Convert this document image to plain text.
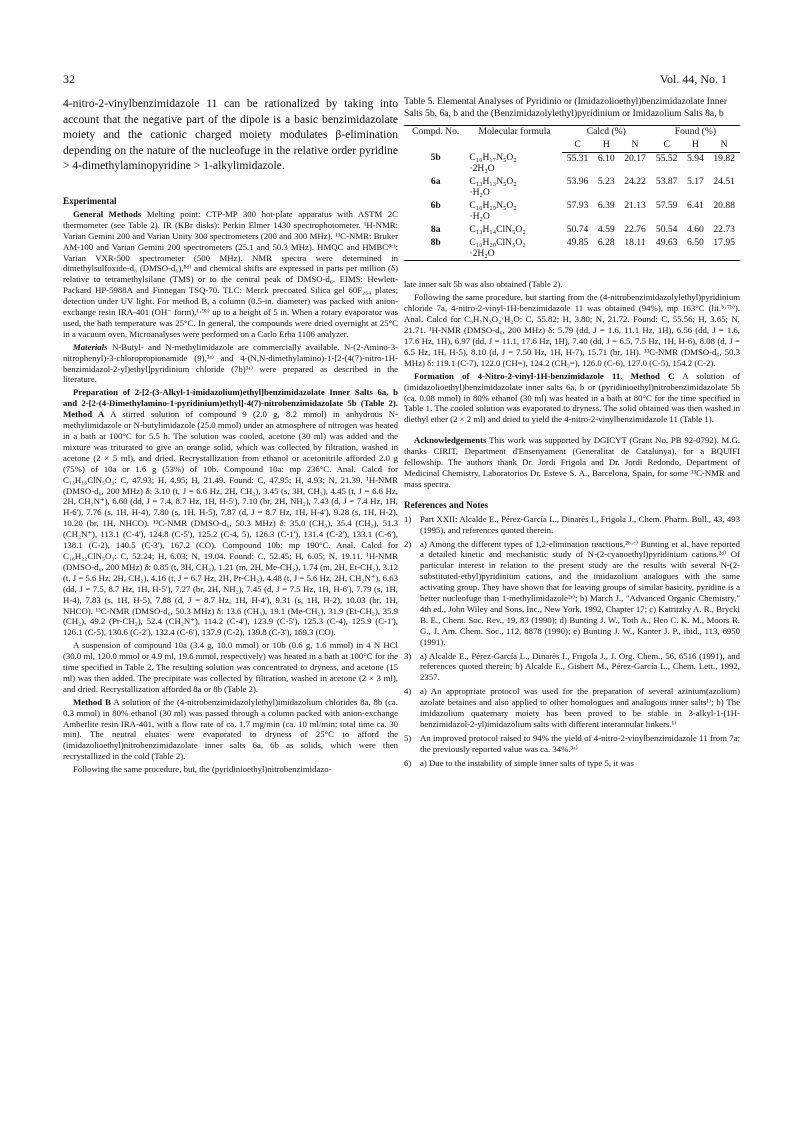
32	Vol. 44, No. 1
4-nitro-2-vinylbenzimidazole 11 can be rationalized by taking into account that the negative part of the dipole is a basic benzimidazolate moiety and the cationic charged moiety modulates β-elimination depending on the nature of the nucleofuge in the relative order pyridine > 4-dimethylaminopyridine > 1-alkylimidazole.
Experimental

General Methods Melting point: CTP-MP 300 hot-plate apparatus with ASTM 2C thermometer (see Table 2). IR (KBr disks): Perkin Elmer 1430 spectrophotometer. ¹H-NMR: Varian Gemini 200 and Varian Unity 300 spectrometers (200 and 300 MHz). ¹³C-NMR: Bruker AM-100 and Varian Gemini 200 spectrometers (25.1 and 50.3 MHz). HMQC and HMBC⁸ᶜ⁾: Varian VXR-500 spectrometer (500 MHz). NMR spectra were determined in dimethylsulfoxide-d₆ (DMSO-d₆),⁸ᵈ⁾ and chemical shifts are expressed in parts per million (δ) relative to tetramethylsilane (TMS) or to the central peak of DMSO-d₆. EIMS: Hewlett-Packard HP-5988A and Finnegan TSQ-70. TLC: Merck precoated Silica gel 60F₂₅₄ plates; detection under UV light. For method B, a column (0.5-in. diameter) was packed with anion-exchange resin IRA-401 (OH⁻ form),¹·⁹ᵇ⁾ up to a height of 5 in. When a rotary evaporator was used, the bath temperature was 25°C. In general, the compounds were dried overnight at 25°C in a vacuum oven. Microanalyses were performed on a Carlo Erba 1106 analyzer.

Materials N-Butyl- and N-methylimidazole are commercially available. N-(2-Amino-3-nitrophenyl)-3-chloropropionamide (9),³ᵃ⁾ and 4-(N,N-dimethylamino)-1-[2-(4(7)-nitro-1H-benzimidazol-2-yl)ethyl]pyridinium chloride (7b)³ᵃ⁾ were prepared as described in the literature.

Preparation of 2-[2-(3-Alkyl-1-imidazolium)ethyl]benzimidazolate Inner Salts 6a, b and 2-[2-(4-Dimethylamino-1-pyridinium)ethyl]-4(7)-nitrobenzimidazolate 5b (Table 2). Method A A stirred solution of compound 9 (2.0 g, 8.2 mmol) in anhydrous N-methylimidazole or N-butylimidazole (25.0 mmol) under an atmosphere of nitrogen was heated in a bath at 100°C for 5.5 h. The solution was cooled, acetone (30 ml) was added and the mixture was triturated to give an orange solid, which was collected by filtration, washed in acetone (2 × 5 ml), and dried. Recrystallization from ethanol or acetonitrile afforded 2.0 g (75%) of 10a or 1.6 g (53%) of 10b. Compound 10a: mp 236°C. Anal. Calcd for C₁₃H₁₆ClN₅O₃: C, 47.93; H, 4.95; H, 21.49. Found: C, 47.95; H, 4.93; N, 21.39. ¹H-NMR (DMSO-d₆, 200 MHz) δ: 3.10 (t, J = 6.6 Hz, 2H, CH₂), 3.45 (s, 3H, CH₃), 4.45 (t, J = 6.6 Hz, 2H, CH₂N⁺), 6.60 (dd, J = 7.4, 8.7 Hz, 1H, H-5'), 7.10 (br, 2H, NH₂), 7.43 (d, J = 7.4 Hz, 1H, H-6'), 7.76 (s, 1H, H-4), 7.80 (s, 1H, H-5), 7.87 (d, J = 8.7 Hz, 1H, H-4'), 9.28 (s, 1H, H-2), 10.20 (br, 1H, NHCO). ¹³C-NMR (DMSO-d₆, 50.3 MHz) δ: 35.0 (CH₃), 35.4 (CH₂), 51.3 (CH₂N⁺), 113.1 (C-4'), 124.8 (C-5'), 125.2 (C-4, 5), 126.3 (C-1'), 131.4 (C-2'), 133.1 (C-6'), 138.1 (C-2), 140.5 (C-3'), 167.2 (CO). Compound 10b: mp 190°C. Anal. Calcd for C₁₆H₂₂ClN₅O₃: C, 52.24; H, 6.03; N, 19.04. Found: C, 52.45; H, 6.05; N, 19.11. ¹H-NMR (DMSO-d₆, 200 MHz) δ: 0.85 (t, 3H, CH₃), 1.21 (m, 2H, Me-CH₂), 1.74 (m, 2H, Et-CH₂), 3.12 (t, J = 5.6 Hz, 2H, CH₂), 4.16 (t, J = 6.7 Hz, 2H, Pr-CH₂), 4.48 (t, J = 5.6 Hz, 2H, CH₂N⁺), 6.63 (dd, J = 7.5, 8.7 Hz, 1H, H-5'), 7.27 (br, 2H, NH₂), 7.45 (d, J = 7.5 Hz, 1H, H-6'), 7.79 (s, 1H, H-4), 7.83 (s, 1H, H-5), 7.88 (d, J = 8.7 Hz, 1H, H-4'), 9.31 (s, 1H, H-2), 10.03 (br, 1H, NHCO). ¹³C-NMR (DMSO-d₆, 50.3 MHz) δ: 13.6 (CH₃), 19.1 (Me-CH₂), 31.9 (Et-CH₂), 35.9 (CH₂), 49.2 (Pr-CH₂), 52.4 (CH₂N⁺), 114.2 (C-4'), 123.9 (C-5'), 125.3 (C-4), 125.9 (C-1'), 126.1 (C-5), 130.6 (C-2'), 132.4 (C-6'), 137.9 (C-2), 139.8 (C-3'), 169.3 (CO).

A suspension of compound 10a (3.4 g, 10.0 mmol) or 10b (0.6 g, 1.6 mmol) in 4 N HCl (30.0 ml, 120.0 mmol or 4.9 ml, 19.6 mmol, respectively) was heated in a bath at 100°C for the time specified in Table 2. The resulting solution was concentrated to dryness, and acetone (15 ml) was then added. The precipitate was collected by filtration, washed in acetone (2 × 3 ml), and dried. Recrystallization afforded 8a or 8b (Table 2).

Method B A solution of the (4-nitrobenzimidazolylethyl)imidazolium chlorides 8a, 8b (ca. 0.3 mmol) in 80% ethanol (30 ml) was passed through a column packed with anion-exchange Amberlite resin IRA-401, with a flow rate of ca. 1.7 mg/min (ca. 10 ml/min; total time ca. 30 min). The neutral eluates were evaporated to dryness of 25°C to afford the (imidazolioethyl)nitrobenzimidazolate inner salts 6a, 6b as solids, which were then recrystallized in the cold (Table 2).

Following the same procedure, but, the (pyridinioethyl)nitrobenzimidazo-

Table 5. Elemental Analyses of Pyridinio or (Imidazolioethyl)benzimidazolate Inner Salts 5b, 6a, b and the (Benzimidazolylethyl)pyridinium or Imidazolium Salts 8a, b
Compd. No.	Molecular formula	Calcd (%)			Found (%)		
		C	H	N	C	H	N
5b	C₁₆H₁₇N₅O₂
·2H₂O	55.31	6.10	20.17	55.52	5.94	19.82
6a	C₁₃H₁₃N₅O₂
·H₂O	53.96	5.23	24.22	53.87	5.17	24.51
6b	C₁₆H₁₉N₅O₂
·H₂O	57.93	6.39	21.13	57.59	6.41	20.88
8a	C₁₃H₁₄ClN₅O₂	50.74	4.59	22.76	50.54	4.60	22.73
8b	C₁₆H₂₀ClN₅O₂
·2H₂O	49.85	6.28	18.11	49.63	6.50	17.95

late inner salt 5b was also obtained (Table 2).

Following the same procedure, but starting from the (4-nitrobenzimidazolylethyl)pyridinium chloride 7a, 4-nitro-2-vinyl-1H-benzimidazole 11 was obtained (94%), mp 163°C (lit.⁵·⁷ᵇ⁾). Anal. Calcd for C₉H₇N₃O₂·H₂O: C, 55.82; H, 3.80; N, 21.72. Found: C, 55.56; H, 3.65; N, 21.71. ¹H-NMR (DMSO-d₆, 200 MHz) δ: 5.79 (dd, J = 1.6, 11.1 Hz, 1H), 6.56 (dd, J = 1.6, 17.6 Hz, 1H), 6.97 (dd, J = 11.1, 17.6 Hz, 1H), 7.40 (dd, J = 6.5, 7.5 Hz, 1H, H-6), 8.08 (d, J = 6.5 Hz, 1H, H-5), 8.10 (d, J = 7.50 Hz, 1H, H-7), 15.71 (br, 1H). ¹³C-NMR (DMSO-d₆, 50.3 MHz) δ: 119.1 (C-7), 122.0 (CH=), 124.2 (CH₂=), 126.0 (C-6), 127.0 (C-5), 154.2 (C-2).

Formation of 4-Nitro-2-vinyl-1H-benzimidazole 11. Method C A solution of (imidazolioethyl)benzimidazolate inner salts 6a, b or (pyridinioethyl)nitrobenzimidazolate 5b (ca. 0.08 mmol) in 80% ethanol (30 ml) was heated in a bath at 80°C for the time specified in Table 1. The cooled solution was evaporated to dryness. The solid obtained was then washed in diethyl ether (2 × 2 ml) and dried to yield the 4-nitro-2-vinylbenzimidazole 11 (Table 1).

Acknowledgements This work was supported by DGICYT (Grant No. PB 92-0792). M.G. thanks CIRIT, Department d'Ensenyament (Generalitat de Catalunya), for a BQUIFI fellowship. The authors thank Dr. Jordi Frigola and Dr. Jordi Redondo, Department of Medicinal Chemistry, Laboratorios Dr. Esteve S. A., Barcelona, Spain, for some ¹³C-NMR and mass spectra.

References and Notes
1) Part XXII: Alcalde E., Pérez-García L., Dinarès I., Frigola J., Chem. Pharm. Bull., 43, 493 (1995), and references quoted therein.
2) a) Among the different types of 1,2-elimination reactions,²ᵇ·ᶜ⁾ Bunting et al. have reported a detailed kinetic and mechanistic study of N-(2-cyanoethyl)pyridinium cations.²ᵈ⁾ Of particular interest in relation to the present study are the results with several N-(2-substituted-ethyl)pyridinium cations, and the imidazolium analogues with the same activating group. They have shown that for leaving groups of similar basicity, pyridine is a better nucleofuge than 1-methylimidazole²ᵉ⁾; b) March J., "Advanced Organic Chemistry," 4th ed., John Wiley and Sons, Inc., New York, 1992, Chapter 17; c) Katritzky A. R., Brycki B. E., Chem. Soc. Rev., 19, 83 (1990); d) Bunting J. W., Toth A., Heo C. K. M., Moors R. G., J. Am. Chem. Soc., 112, 8878 (1990); e) Bunting J. W., Kanter J. P., ibid., 113, 6950 (1991).
3) a) Alcalde E., Pérez-García L., Dinarès I., Frigola J., J. Org. Chem., 56, 6516 (1991), and references quoted therein; b) Alcalde E., Gisbert M., Pérez-García L., Chem. Lett., 1992, 2357.
4) a) An appropriate protocol was used for the preparation of several azinium(azolium) azolate betaines and also applied to other homologues and analogous inner salts¹⁾; b) The imidazolium quaternary moiety has been proved to be stable in 3-alkyl-1-(1H-benzimidazol-2-yl)imidazolium salts with different interannular linkers.¹⁾
5) An improved protocol raised to 94% the yield of 4-nitro-2-vinylbenzimidazole 11 from 7a; the previously reported value was ca. 34%.³ᵃ⁾
6) a) Due to the instability of simple inner salts of type 5, it was
